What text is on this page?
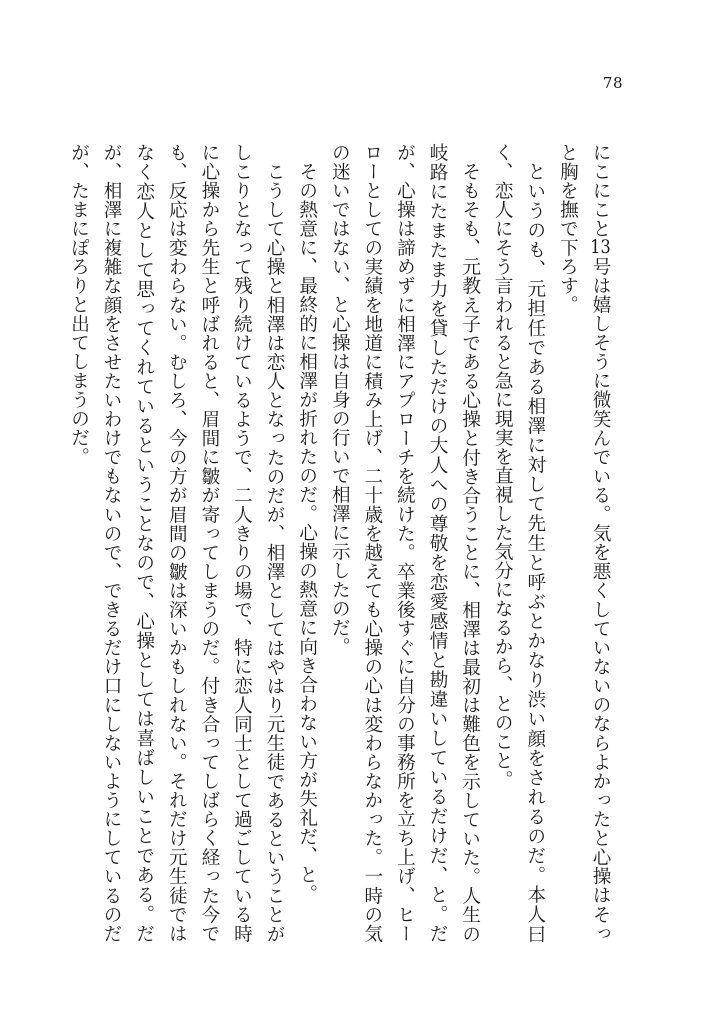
78

にこにこと13号は嬉しそうに微笑んでいる。気を悪くしていないのならよかったと心操はそっと胸を撫で下ろす。

というのも、元担任である相澤に対して先生と呼ぶとかなり渋い顔をされるのだ。本人曰く、恋人にそう言われると急に現実を直視した気分になるから、とのこと。

そもそも、元教え子である心操と付き合うことに、相澤は最初は難色を示していた。人生の岐路にたまたま力を貸しただけの大人への尊敬を恋愛感情と勘違いしているだけだ、と。だが、心操は諦めずに相澤にアプローチを続けた。卒業後すぐに自分の事務所を立ち上げ、ヒーローとしての実績を地道に積み上げ、二十歳を越えても心操の心は変わらなかった。一時の気の迷いではない、と心操は自身の行いで相澤に示したのだ。

その熱意に、最終的に相澤が折れたのだ。心操の熱意に向き合わない方が失礼だ、と。

こうして心操と相澤は恋人となったのだが、相澤としてはやはり元生徒であるということがしこりとなって残り続けているようで、二人きりの場で、特に恋人同士として過ごしている時に心操から先生と呼ばれると、眉間に皺が寄ってしまうのだ。付き合ってしばらく経った今でも、反応は変わらない。むしろ、今の方が眉間の皺は深いかもしれない。それだけ元生徒ではなく恋人として思ってくれているということなので、心操としては喜ばしいことである。だが、相澤に複雑な顔をさせたいわけでもないので、できるだけ口にしないようにしているのだが、たまにぽろりと出てしまうのだ。
